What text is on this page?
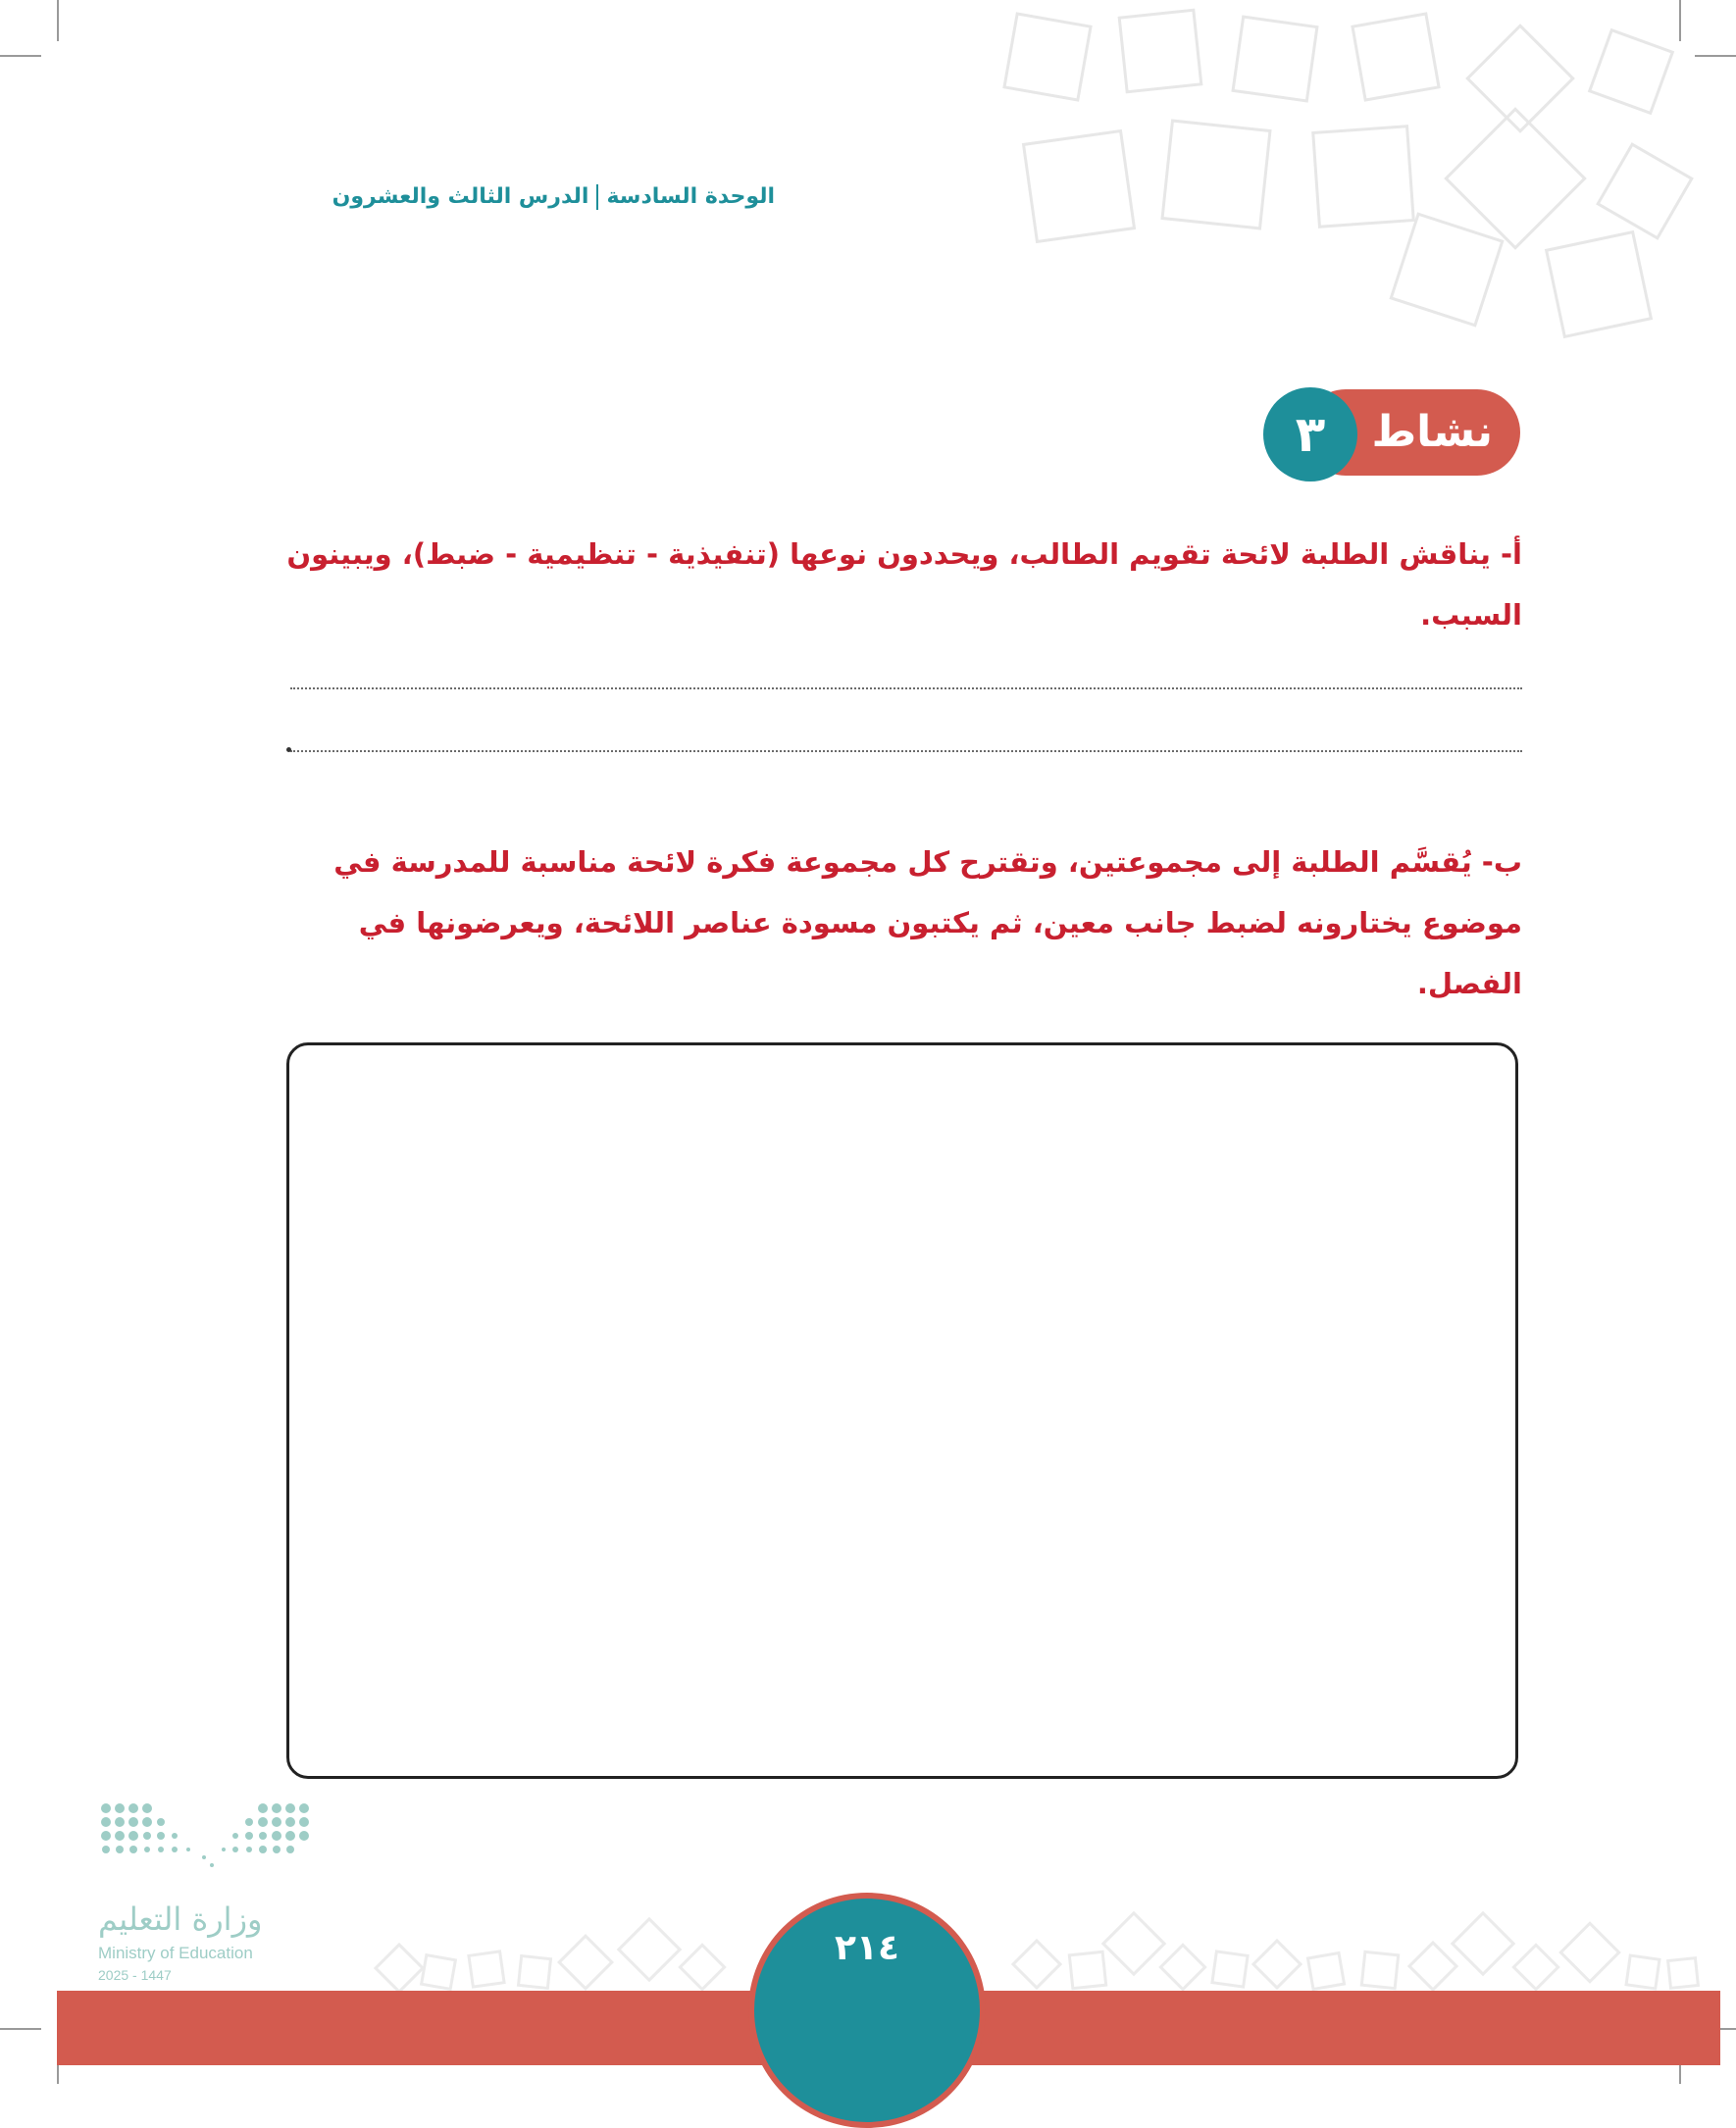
الوحدة السادسةالدرس الثالث والعشرون
نشاط
٣
أ- يناقش الطلبة لائحة تقويم الطالب، ويحددون نوعها (تنفيذية - تنظيمية - ضبط)، ويبينون السبب.
ب- يُقسَّم الطلبة إلى مجموعتين، وتقترح كل مجموعة فكرة لائحة مناسبة للمدرسة في موضوع يختارونه لضبط جانب معين، ثم يكتبون مسودة عناصر اللائحة، ويعرضونها في الفصل.
وزارة التعليم
Ministry of Education
2025 - 1447
٢١٤
